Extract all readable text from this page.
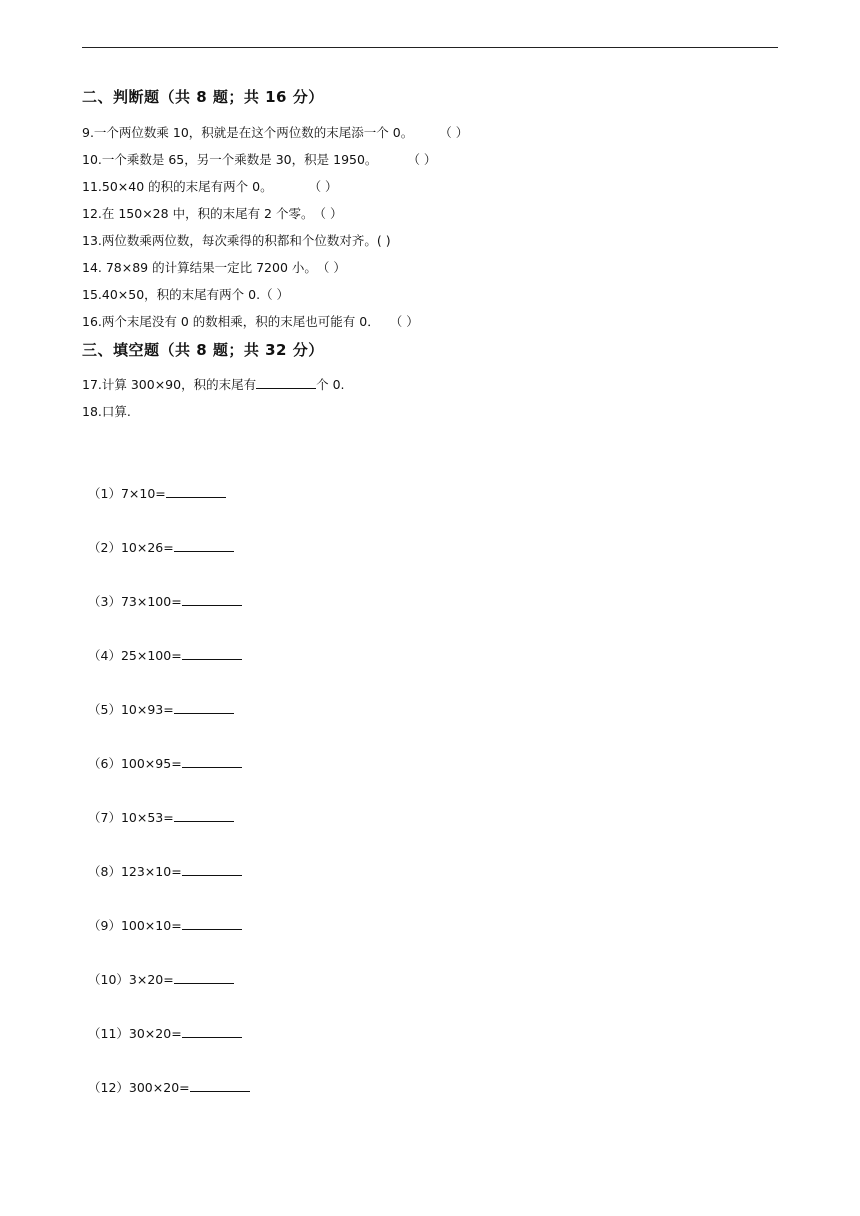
二、判断题（共 8 题；共 16 分）
9.一个两位数乘 10，积就是在这个两位数的末尾添一个 0。 （ ）
10.一个乘数是 65，另一个乘数是 30，积是 1950。 （ ）
11.50×40 的积的末尾有两个 0。	（ ）
12.在 150×28 中，积的末尾有 2 个零。（ ）
13.两位数乘两位数，每次乘得的积都和个位数对齐。( )
14. 78×89 的计算结果一定比 7200 小。（ ）
15.40×50，积的末尾有两个 0.（ ）
16.两个末尾没有 0 的数相乘，积的末尾也可能有 0． （ ）
三、填空题（共 8 题；共 32 分）
17.计算 300×90，积的末尾有	个 0.
18.口算.
（1）7×10=
（2）10×26=
（3）73×100=
（4）25×100=
（5）10×93=
（6）100×95=
（7）10×53=
（8）123×10=
（9）100×10=
（10）3×20=
（11）30×20=
（12）300×20=
